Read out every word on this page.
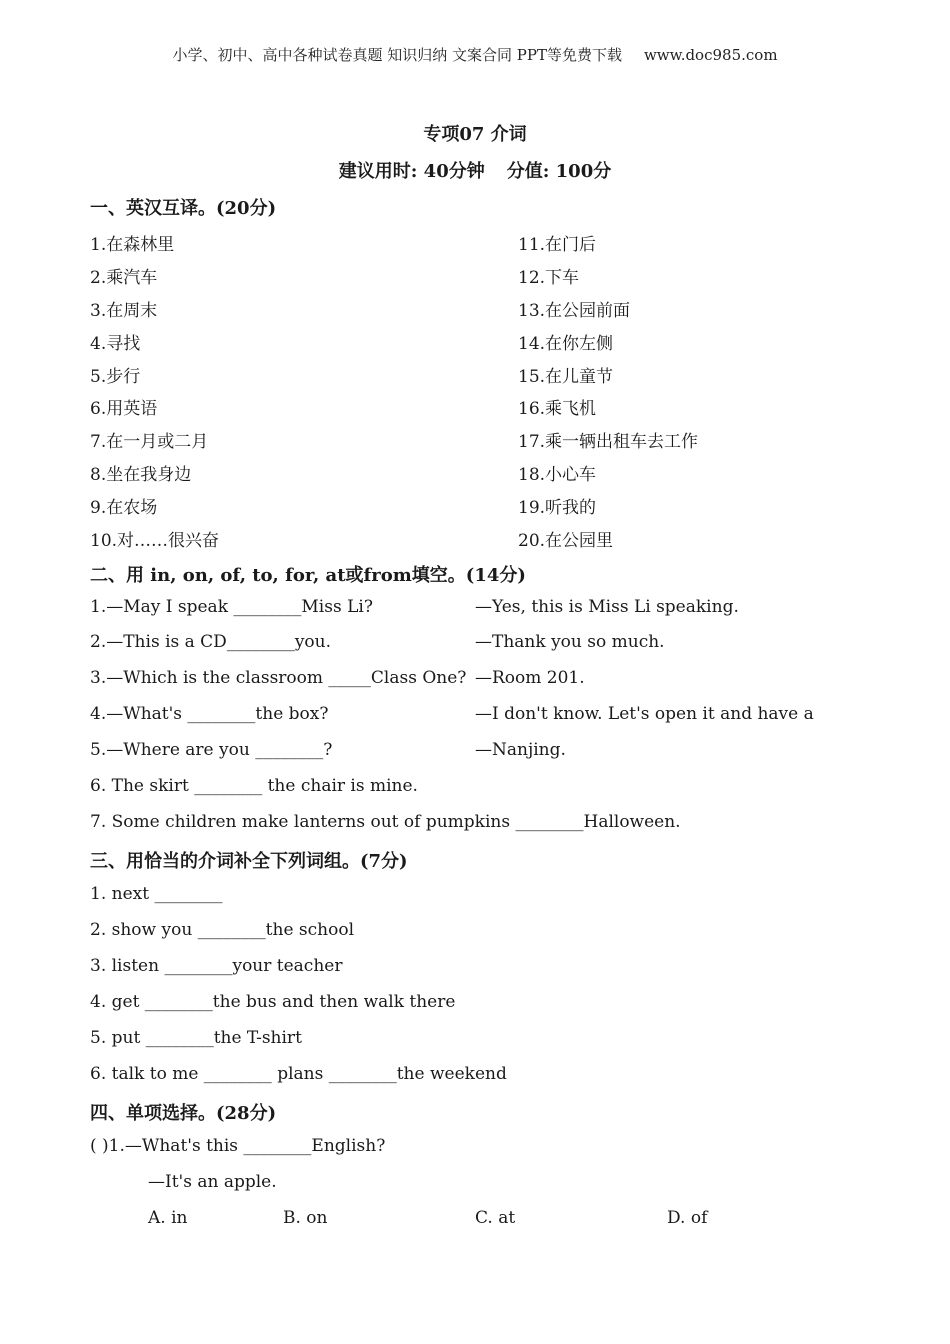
小学、初中、高中各种试卷真题 知识归纳 文案合同 PPT等免费下载 www.doc985.com
专项07 介词
建议用时: 40分钟 分值: 100分
一、英汉互译。(20分)
1.在森林里
2.乘汽车
3.在周末
4.寻找
5.步行
6.用英语
7.在一月或二月
8.坐在我身边
9.在农场
10.对……很兴奋
11.在门后
12.下车
13.在公园前面
14.在你左侧
15.在儿童节
16.乘飞机
17.乘一辆出租车去工作
18.小心车
19.听我的
20.在公园里
二、用 in, on, of, to, for, at或from填空。(14分)
1.—May I speak ________Miss Li?	—Yes, this is Miss Li speaking.
2.—This is a CD________you.	—Thank you so much.
3.—Which is the classroom _____Class One? —Room 201.
4.—What's ________the box?	—I don't know. Let's open it and have a
5.—Where are you ________?	—Nanjing.
6. The skirt ________ the chair is mine.
7. Some children make lanterns out of pumpkins ________Halloween.
三、用恰当的介词补全下列词组。(7分)
1. next ________
2. show you ________the school
3. listen ________your teacher
4. get ________the bus and then walk there
5. put ________the T-shirt
6. talk to me ________ plans ________the weekend
四、单项选择。(28分)
( )1.—What's this ________English?
—It's an apple.
A. in	B. on	C. at	D. of
